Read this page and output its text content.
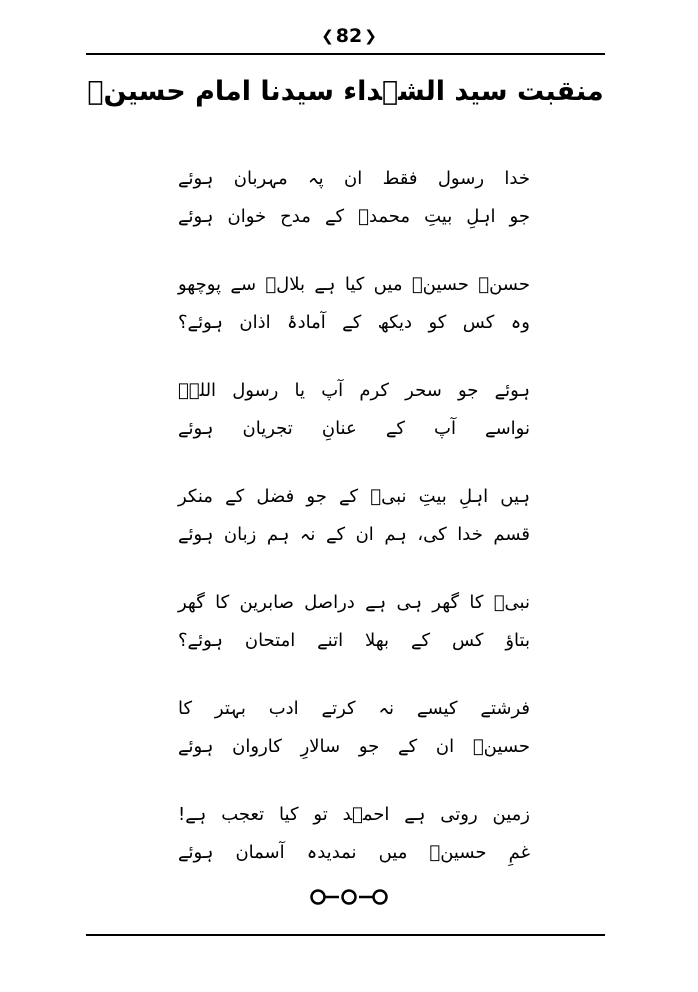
❮ 82 ❯
منقبت سید الشہداء سیدنا امام حسینؑ
خدا رسول فقط ان پہ مہربان ہوئے
جو اہلِ بیتِ محمدؐ کے مدح خوان ہوئے
حسنؑ حسینؑ میں کیا ہے بلالؓ سے پوچھو
وہ کس کو دیکھ کے آمادۂ اذان ہوئے؟
ہوئے جو سحر کرم آپ یا رسول اللہؐ
نواسے آپ کے عنانِ تجریان ہوئے
ہیں اہلِ بیتِ نبیؐ کے جو فضل کے منکر
قسم خدا کی، ہم ان کے نہ ہم زبان ہوئے
نبیؐ کا گھر ہی ہے دراصل صابرین کا گھر
بتاؤ کس کے بھلا اتنے امتحان ہوئے؟
فرشتے کیسے نہ کرتے ادب بہتر کا
حسینؑ ان کے جو سالارِ کاروان ہوئے
زمین روتی ہے احمؔد تو کیا تعجب ہے!
غمِ حسینؑ میں نمدیدہ آسمان ہوئے
